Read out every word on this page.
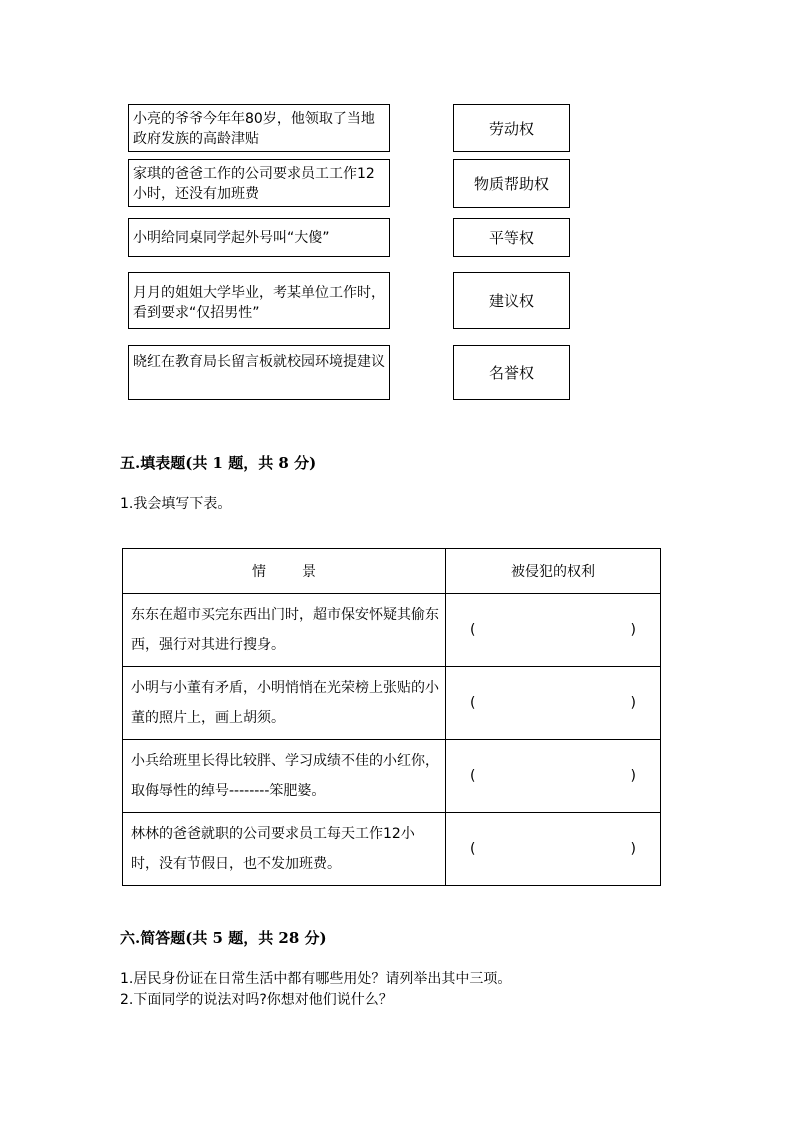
小亮的爷爷今年年80岁，他领取了当地政府发族的高龄津贴
家琪的爸爸工作的公司要求员工工作12小时，还没有加班费
小明给同桌同学起外号叫“大傻”
月月的姐姐大学毕业，考某单位工作时，看到要求“仅招男性”
晓红在教育局长留言板就校园环境提建议
劳动权
物质帮助权
平等权
建议权
名誉权
五.填表题(共 1 题，共 8 分)
1.我会填写下表。
情 景	被侵犯的权利
东东在超市买完东西出门时，超市保安怀疑其偷东西，强行对其进行搜身。	( )

小明与小董有矛盾，小明悄悄在光荣榜上张贴的小董的照片上，画上胡须。	( )

小兵给班里长得比较胖、学习成绩不佳的小红你，取侮辱性的绰号--------笨肥婆。	( )

林林的爸爸就职的公司要求员工每天工作12小时，没有节假日，也不发加班费。	( )
六.简答题(共 5 题，共 28 分)
1.居民身份证在日常生活中都有哪些用处？请列举出其中三项。
2.下面同学的说法对吗?你想对他们说什么？
